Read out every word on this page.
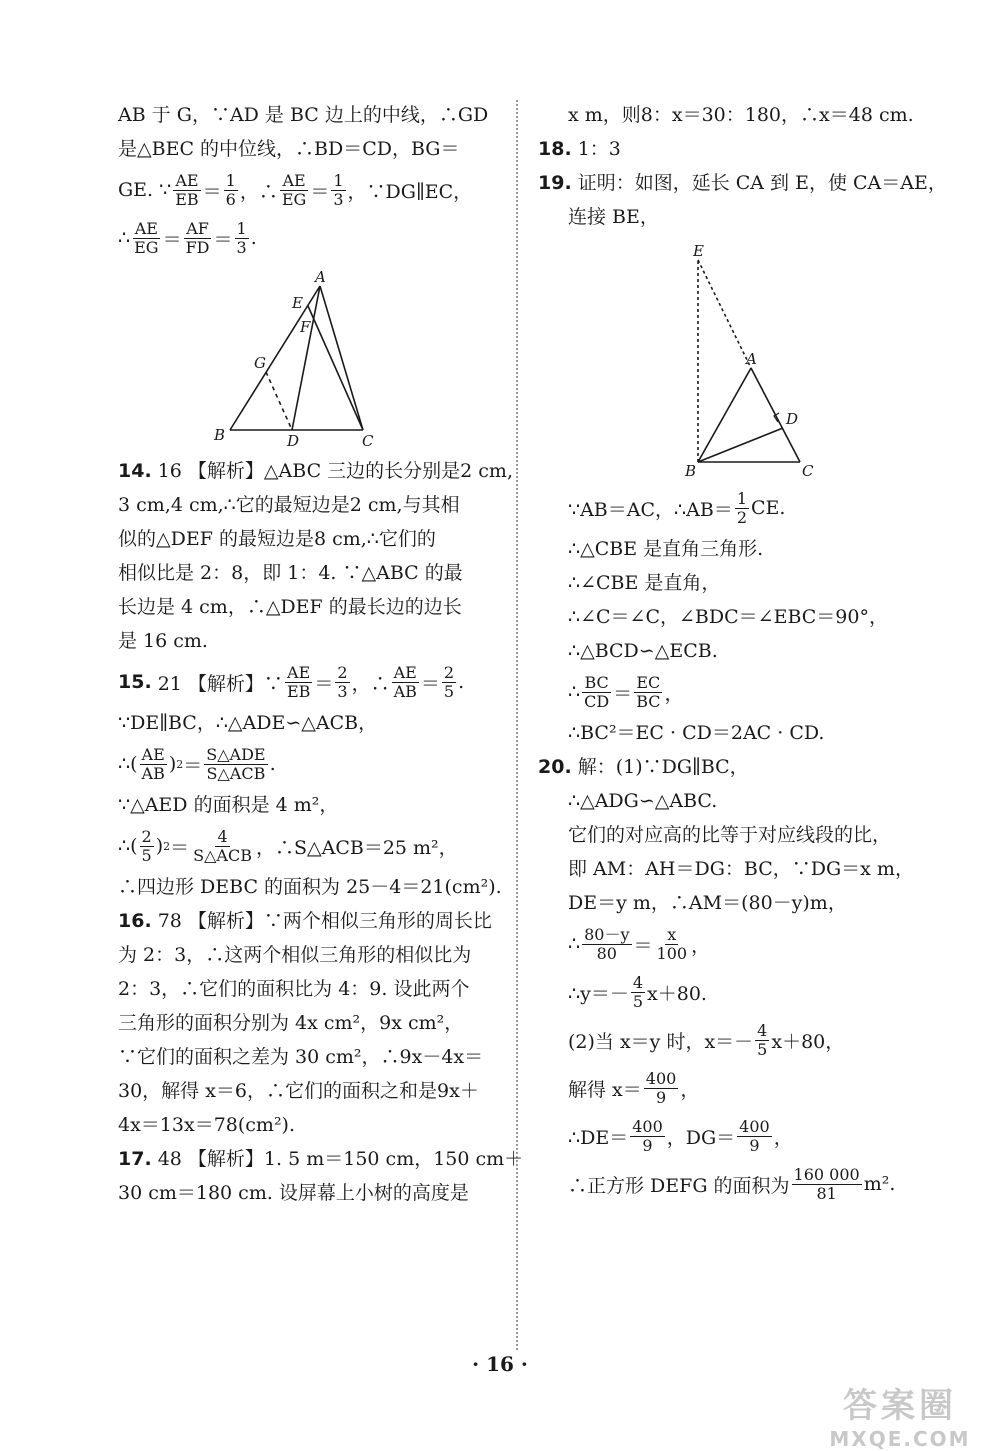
AB 于 G，∵AD 是 BC 边上的中线，∴GD
是△BEC 的中位线，∴BD＝CD，BG＝
GE. ∵ $\frac{AE}{EB} = \frac{1}{6}$ ，∴ $\frac{AE}{EG} = \frac{1}{3}$ ，∵DG∥EC，
∴ $\frac{AE}{EG} = \frac{AF}{FD} = \frac{1}{3}$ .
A
E
F
G
B	D	C
14. 16 【解析】△ABC 三边的长分别是2 cm,
3 cm,4 cm,∴它的最短边是2 cm,与其相
似的△DEF 的最短边是8 cm,∴它们的
相似比是 2：8，即 1：4. ∵△ABC 的最
长边是 4 cm，∴△DEF 的最长边的边长
是 16 cm.
15.
21 【解析】∵ $\frac{AE}{EB} = \frac{2}{3}$ ，∴ $\frac{AE}{AB} = \frac{2}{5}$ .
∵DE∥BC，∴△ADE∽△ACB，
∴( $\frac{AE}{AB}$ ) $2 = \frac{\text{S△ADE}}{\text{S△ACB}}$ .
∵△AED 的面积是 4 m²，
∴( $\frac{2}{5}$ ) $2 = \frac{4}{\text{S△ACB}}$ ，∴S△ACB＝25 m²，
∴四边形 DEBC 的面积为 25－4＝21(cm²).
16. 78 【解析】∵两个相似三角形的周长比
为 2：3，∴这两个相似三角形的相似比为
2：3，∴它们的面积比为 4：9. 设此两个
三角形的面积分别为 4x cm²，9x cm²，
∵它们的面积之差为 30 cm²，∴9x－4x＝
30，解得 x＝6，∴它们的面积之和是9x＋
4x＝13x＝78(cm²).
17. 48 【解析】1. 5 m＝150 cm，150 cm＋
30 cm＝180 cm. 设屏幕上小树的高度是
x m，则8：x＝30：180，∴x＝48 cm.
18. 1：3
19. 证明：如图，延长 CA 到 E，使 CA＝AE，
连接 BE，
E
A
D
B	C
∵AB＝AC，∴AB＝ $\frac{1}{2}$ CE.
∴△CBE 是直角三角形.
∴∠CBE 是直角，
∴∠C＝∠C，∠BDC＝∠EBC＝90°，
∴△BCD∽△ECB.
∴ $\frac{BC}{CD} = \frac{EC}{BC}$ ，
∴BC²＝EC · CD＝2AC · CD.
20. 解：(1)∵DG∥BC，
∴△ADG∽△ABC.
它们的对应高的比等于对应线段的比，
即 AM：AH＝DG：BC，∵DG＝x m，
DE＝y m，∴AM＝(80－y)m，
∴ $\frac{80-y}{80} = \frac{x}{100}$ ，
∴y＝－ $\frac{4}{5} x+80$.
(2)当 x＝y 时，$x=- \frac{4}{5} x+80$，
解得 $x= \frac{400}{9}$ ，
∴DE＝ $\frac{400}{9}$ ，$DG= \frac{400}{9}$ ，
∴正方形 DEFG 的面积为 $\frac{160 000}{81} m^2$.
· 16 ·
答案圈
MXQE.COM
